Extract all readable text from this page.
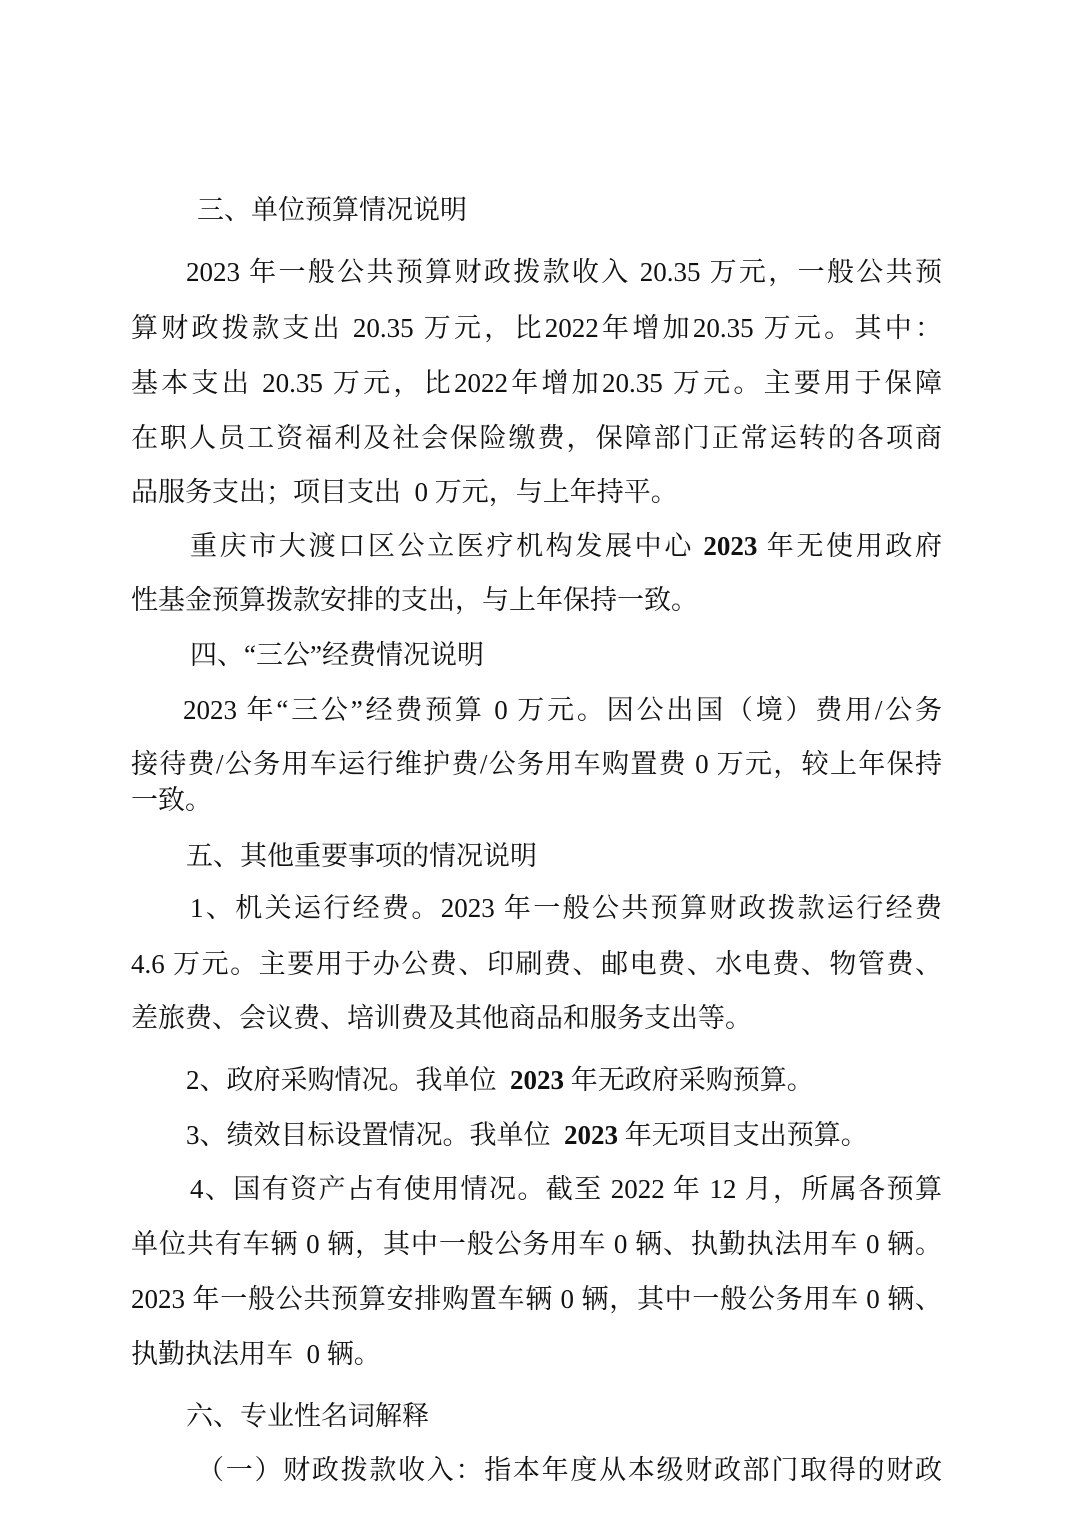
三、单位预算情况说明
2023 年一般公共预算财政拨款收入 20.35 万元，一般公共预
算财政拨款支出 20.35 万元，比2022年增加20.35 万元。其中：
基本支出 20.35 万元，比2022年增加20.35 万元。主要用于保障
在职人员工资福利及社会保险缴费，保障部门正常运转的各项商
品服务支出；项目支出  0 万元，与上年持平。
重庆市大渡口区公立医疗机构发展中心 2023 年无使用政府
性基金预算拨款安排的支出，与上年保持一致。
四、“三公”经费情况说明
2023 年“三公”经费预算 0 万元。因公出国（境）费用/公务
接待费/公务用车运行维护费/公务用车购置费 0 万元，较上年保持
一致。
五、其他重要事项的情况说明
1、机关运行经费。2023 年一般公共预算财政拨款运行经费
4.6 万元。主要用于办公费、印刷费、邮电费、水电费、物管费、
差旅费、会议费、培训费及其他商品和服务支出等。
2、政府采购情况。我单位  2023 年无政府采购预算。
3、绩效目标设置情况。我单位  2023 年无项目支出预算。
4、国有资产占有使用情况。截至 2022 年 12 月，所属各预算
单位共有车辆 0 辆，其中一般公务用车 0 辆、执勤执法用车 0 辆。
2023 年一般公共预算安排购置车辆 0 辆，其中一般公务用车 0 辆、
执勤执法用车  0 辆。
六、专业性名词解释
（一）财政拨款收入：指本年度从本级财政部门取得的财政
